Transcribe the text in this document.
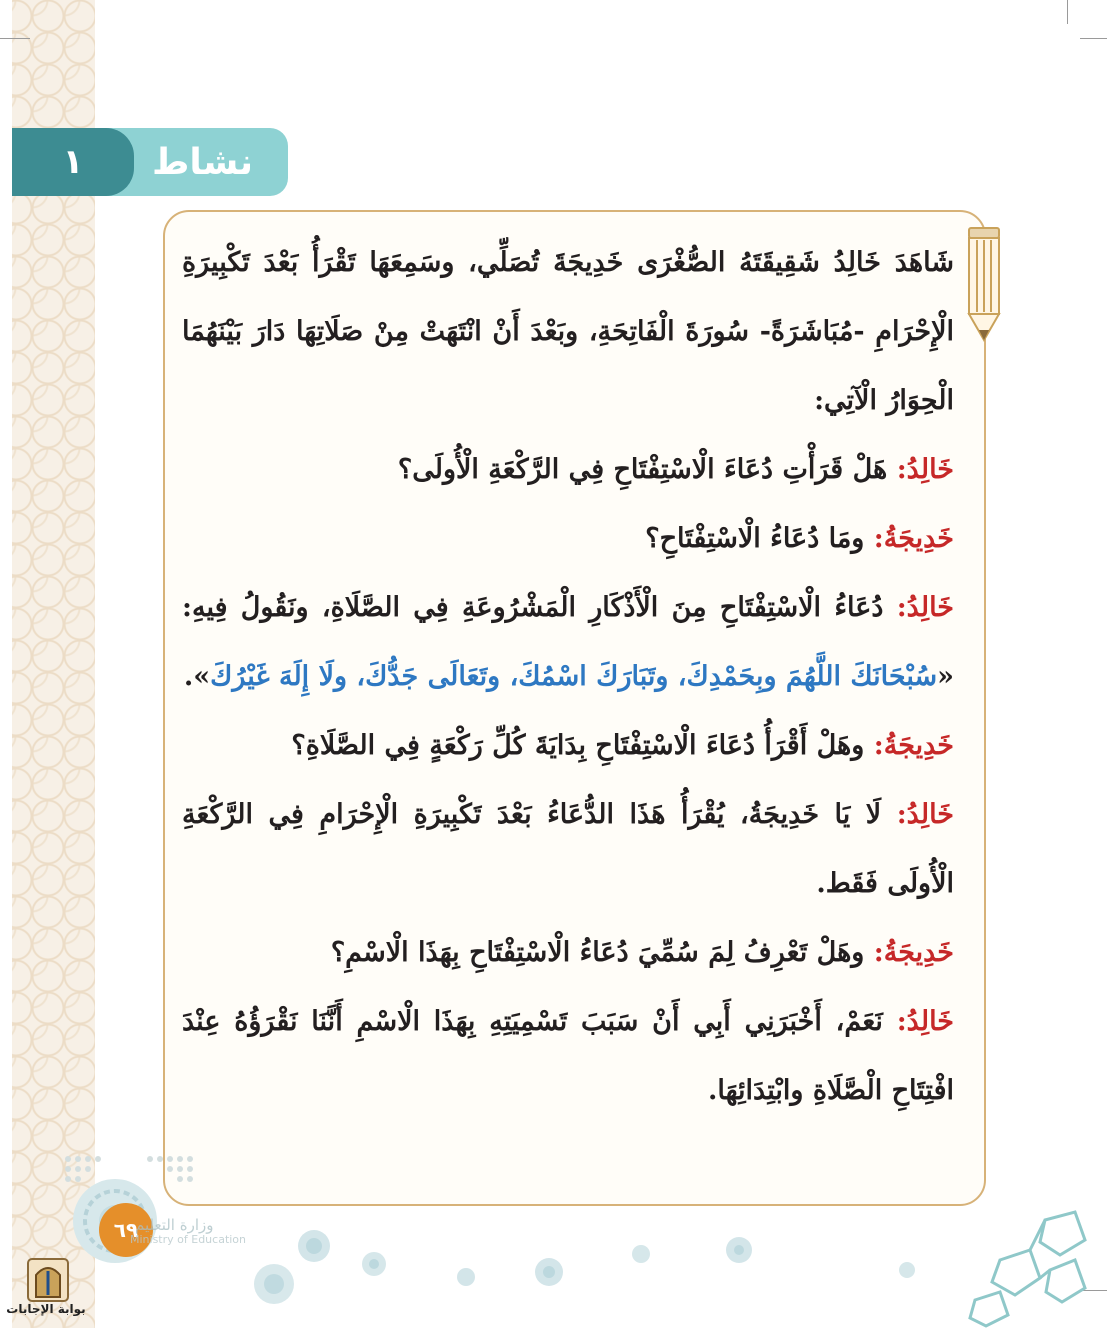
١	نشاط

شَاهَدَ خَالِدُ شَقِيقَتَهُ الصُّغْرَى خَدِيجَةَ تُصَلِّي، وسَمِعَهَا تَقْرَأُ بَعْدَ تَكْبِيرَةِ الْإِحْرَامِ -مُبَاشَرَةً- سُورَةَ الْفَاتِحَةِ، وبَعْدَ أَنْ انْتَهَتْ مِنْ صَلَاتِهَا دَارَ بَيْنَهُمَا الْحِوَارُ الْآتِي:

خَالِدُ: هَلْ قَرَأْتِ دُعَاءَ الْاسْتِفْتَاحِ فِي الرَّكْعَةِ الْأُولَى؟

خَدِيجَةُ: ومَا دُعَاءُ الْاسْتِفْتَاحِ؟

خَالِدُ: دُعَاءُ الْاسْتِفْتَاحِ مِنَ الْأَذْكَارِ الْمَشْرُوعَةِ فِي الصَّلَاةِ، ونَقُولُ فِيهِ: «سُبْحَانَكَ اللَّهُمَ وبِحَمْدِكَ، وتَبَارَكَ اسْمُكَ، وتَعَالَى جَدُّكَ، ولَا إِلَهَ غَيْرُكَ».

خَدِيجَةُ: وهَلْ أَقْرَأُ دُعَاءَ الْاسْتِفْتَاحِ بِدَايَةَ كُلِّ رَكْعَةٍ فِي الصَّلَاةِ؟

خَالِدُ: لَا يَا خَدِيجَةُ، يُقْرَأُ هَذَا الدُّعَاءُ بَعْدَ تَكْبِيرَةِ الْإِحْرَامِ فِي الرَّكْعَةِ الْأُولَى فَقَط.

خَدِيجَةُ: وهَلْ تَعْرِفُ لِمَ سُمِّيَ دُعَاءُ الْاسْتِفْتَاحِ بِهَذَا الْاسْمِ؟

خَالِدُ: نَعَمْ، أَخْبَرَنِي أَبِي أَنْ سَبَبَ تَسْمِيَتِهِ بِهَذَا الْاسْمِ أَنَّنَا نَقْرَؤُهُ عِنْدَ افْتِتَاحِ الْصَّلَاةِ وابْتِدَائِهَا.

٦٩
وزارة التعليم
Ministry of Education
بوابة الإجابات
